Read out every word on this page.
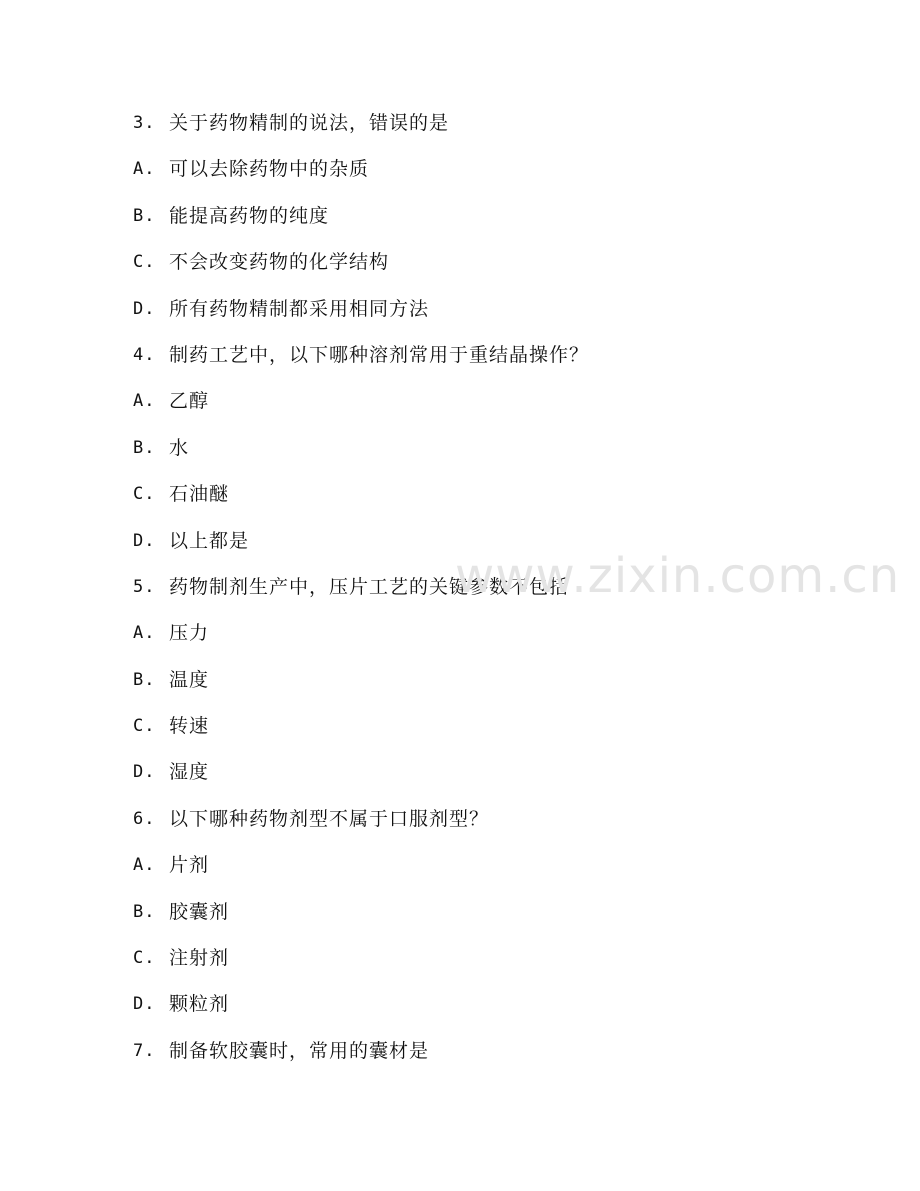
3. 关于药物精制的说法，错误的是
A. 可以去除药物中的杂质
B. 能提高药物的纯度
C. 不会改变药物的化学结构
D. 所有药物精制都采用相同方法
4. 制药工艺中，以下哪种溶剂常用于重结晶操作？
A. 乙醇
B. 水
C. 石油醚
D. 以上都是
5. 药物制剂生产中，压片工艺的关键参数不包括
A. 压力
B. 温度
C. 转速
D. 湿度
6. 以下哪种药物剂型不属于口服剂型？
A. 片剂
B. 胶囊剂
C. 注射剂
D. 颗粒剂
7. 制备软胶囊时，常用的囊材是
www.zixin.com.cn
